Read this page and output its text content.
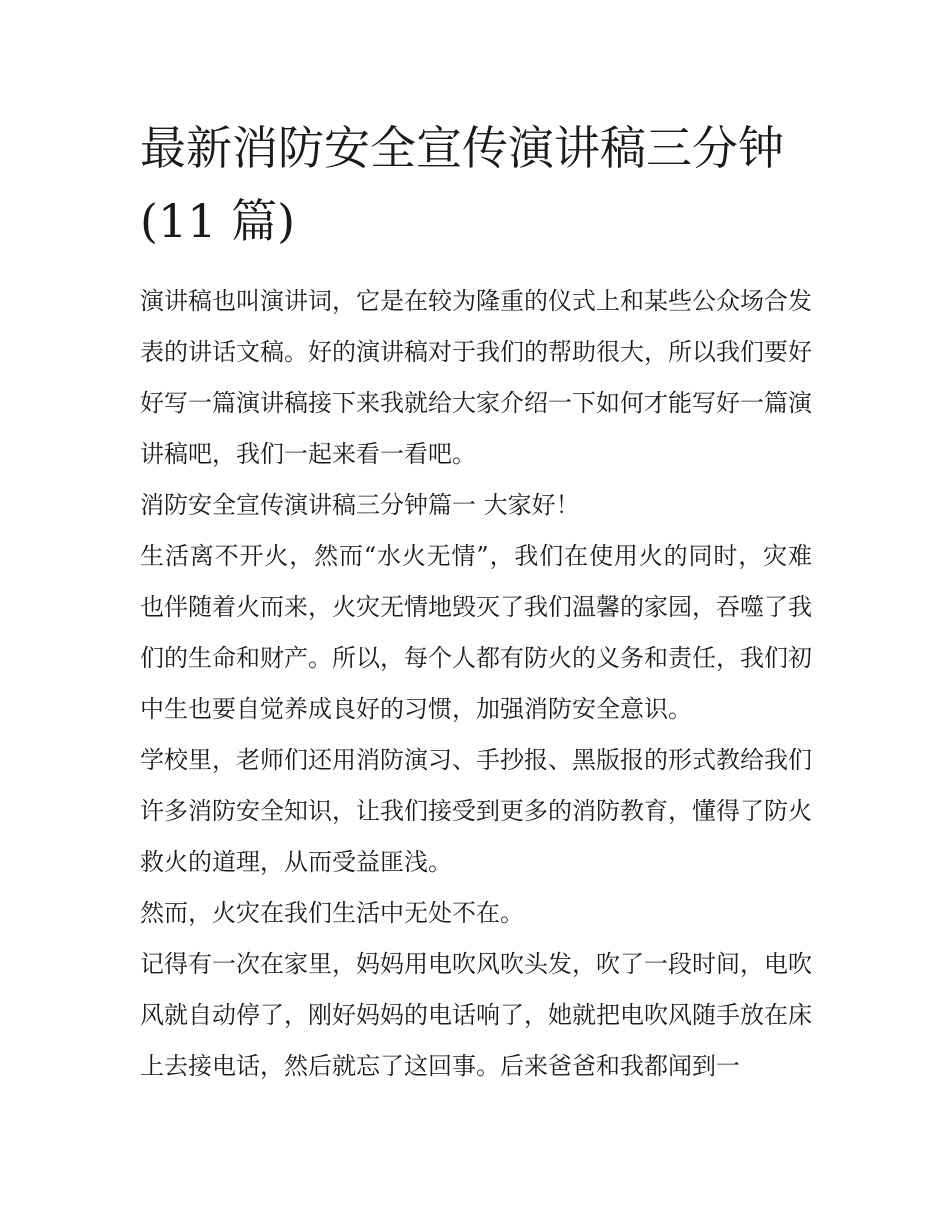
最新消防安全宣传演讲稿三分钟(11 篇)

演讲稿也叫演讲词，它是在较为隆重的仪式上和某些公众场合发表的讲话文稿。好的演讲稿对于我们的帮助很大，所以我们要好好写一篇演讲稿接下来我就给大家介绍一下如何才能写好一篇演讲稿吧，我们一起来看一看吧。

消防安全宣传演讲稿三分钟篇一 大家好！

生活离不开火，然而“水火无情”，我们在使用火的同时，灾难也伴随着火而来，火灾无情地毁灭了我们温馨的家园，吞噬了我们的生命和财产。所以，每个人都有防火的义务和责任，我们初中生也要自觉养成良好的习惯，加强消防安全意识。

学校里，老师们还用消防演习、手抄报、黑版报的形式教给我们许多消防安全知识，让我们接受到更多的消防教育，懂得了防火救火的道理，从而受益匪浅。

然而，火灾在我们生活中无处不在。

记得有一次在家里，妈妈用电吹风吹头发，吹了一段时间，电吹风就自动停了，刚好妈妈的电话响了，她就把电吹风随手放在床上去接电话，然后就忘了这回事。后来爸爸和我都闻到一
